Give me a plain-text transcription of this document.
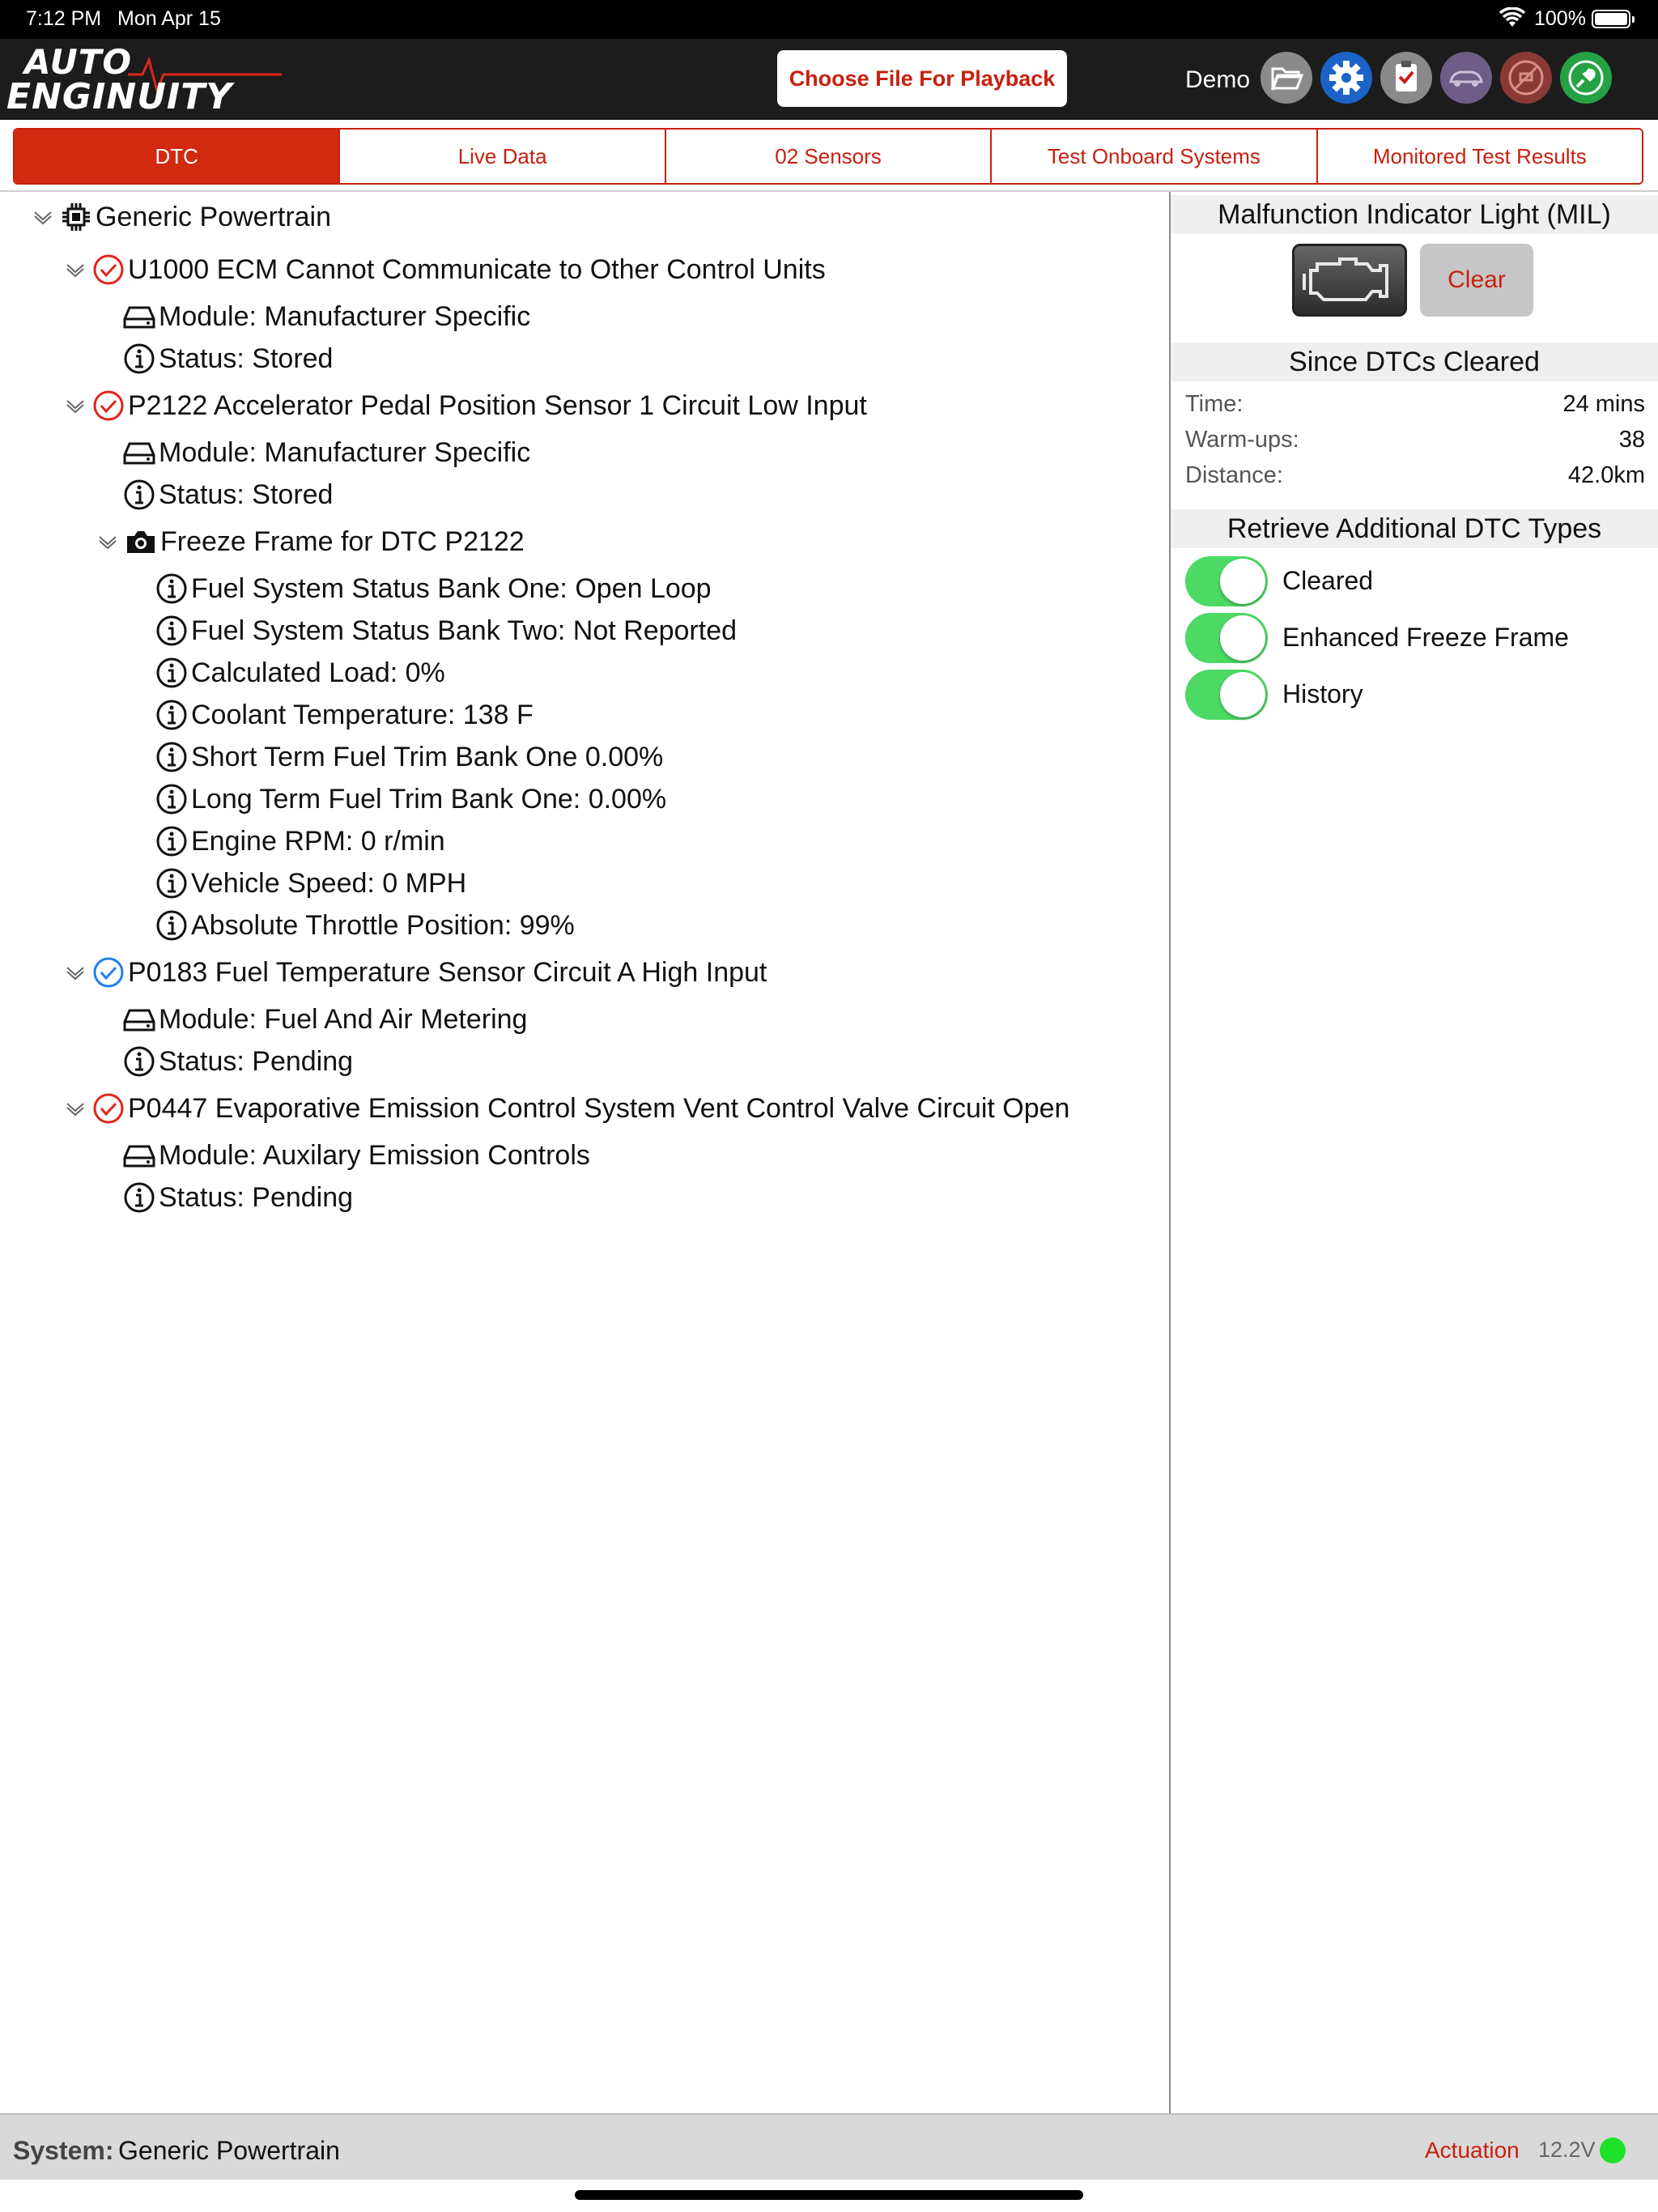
7:12 PM Mon Apr 15	100%
AUTO
ENGINUITY	Choose File For Playback	Demo
DTC	Live Data	02 Sensors	Test Onboard Systems	Monitored Test Results
Generic Powertrain
U1000 ECM Cannot Communicate to Other Control Units
Module: Manufacturer Specific
Status: Stored
P2122 Accelerator Pedal Position Sensor 1 Circuit Low Input
Module: Manufacturer Specific
Status: Stored
Freeze Frame for DTC P2122
Fuel System Status Bank One: Open Loop
Fuel System Status Bank Two: Not Reported
Calculated Load: 0%
Coolant Temperature: 138 F
Short Term Fuel Trim Bank One 0.00%
Long Term Fuel Trim Bank One: 0.00%
Engine RPM: 0 r/min
Vehicle Speed: 0 MPH
Absolute Throttle Position: 99%
P0183 Fuel Temperature Sensor Circuit A High Input
Module: Fuel And Air Metering
Status: Pending
P0447 Evaporative Emission Control System Vent Control Valve Circuit Open
Module: Auxilary Emission Controls
Status: Pending
Malfunction Indicator Light (MIL)
Clear
Since DTCs Cleared
Time:	24 mins
Warm-ups:	38
Distance:	42.0km
Retrieve Additional DTC Types
Cleared
Enhanced Freeze Frame
History
System: Generic Powertrain	Actuation 12.2V
